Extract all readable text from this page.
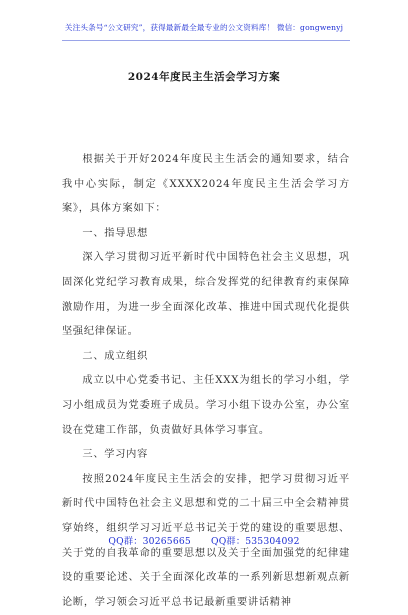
关注头条号“公文研究”，获得最新最全最专业的公文资料库！ 微信：gongwenyj
2024年度民主生活会学习方案

根据关于开好2024年度民主生活会的通知要求，结合我中心实际，制定《XXXX2024年度民主生活会学习方案》，具体方案如下：

一、指导思想

深入学习贯彻习近平新时代中国特色社会主义思想，巩固深化党纪学习教育成果，综合发挥党的纪律教育约束保障激励作用，为进一步全面深化改革、推进中国式现代化提供坚强纪律保证。

二、成立组织

成立以中心党委书记、主任XXX为组长的学习小组，学习小组成员为党委班子成员。学习小组下设办公室，办公室设在党建工作部，负责做好具体学习事宜。

三、学习内容

按照2024年度民主生活会的安排，把学习贯彻习近平新时代中国特色社会主义思想和党的二十届三中全会精神贯穿始终，组织学习习近平总书记关于党的建设的重要思想、关于党的自我革命的重要思想以及关于全面加强党的纪律建设的重要论述、关于全面深化改革的一系列新思想新观点新论断，学习领会习近平总书记最新重要讲话精神

QQ群：30265665 QQ群：535304092
